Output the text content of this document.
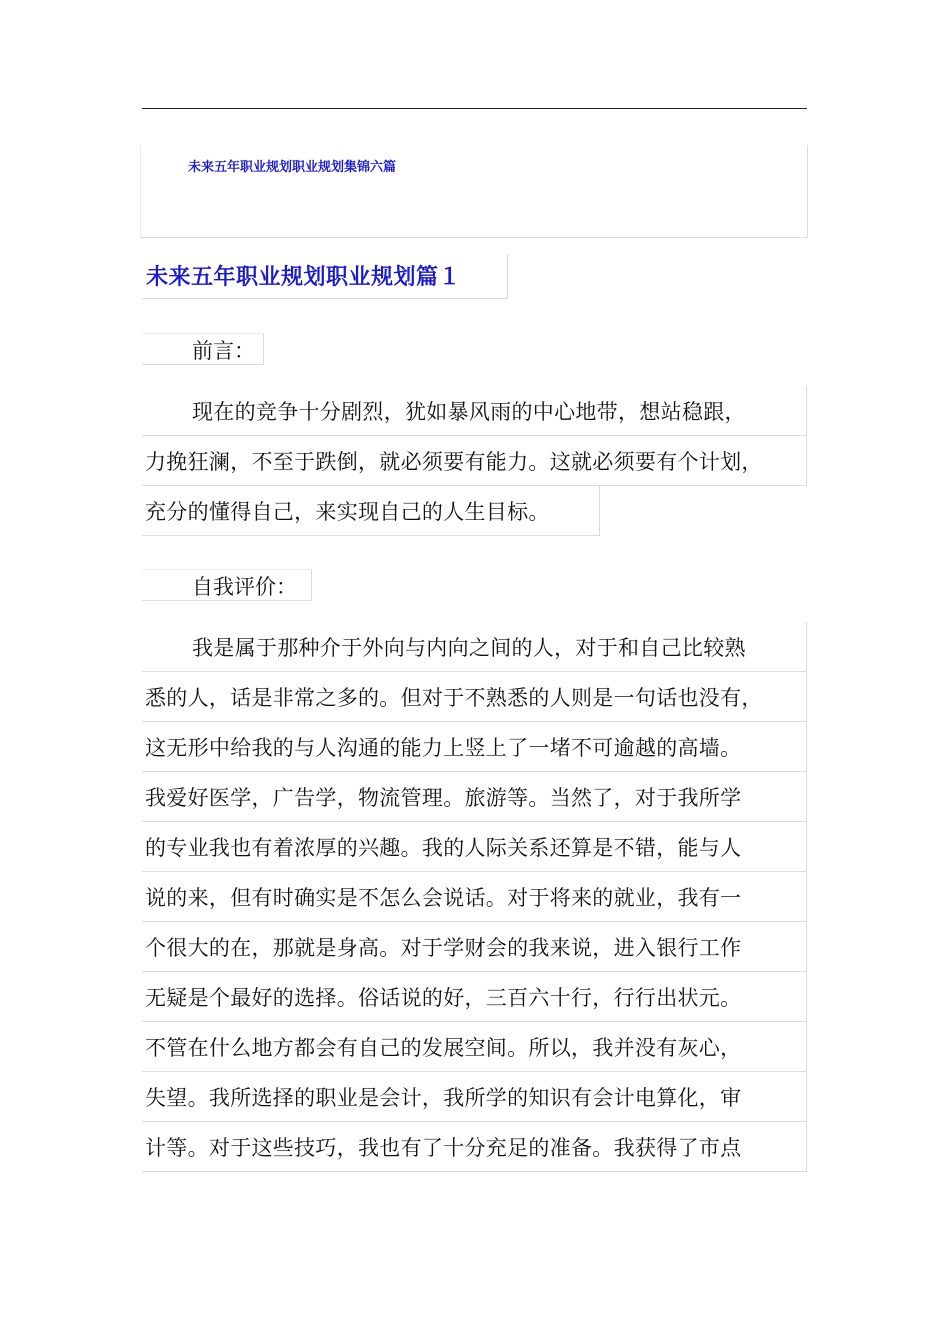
未来五年职业规划职业规划集锦六篇
未来五年职业规划职业规划篇１
前言：
现在的竞争十分剧烈，犹如暴风雨的中心地带，想站稳跟，
力挽狂澜，不至于跌倒，就必须要有能力。这就必须要有个计划，
充分的懂得自己，来实现自己的人生目标。
自我评价：
我是属于那种介于外向与内向之间的人，对于和自己比较熟
悉的人，话是非常之多的。但对于不熟悉的人则是一句话也没有，
这无形中给我的与人沟通的能力上竖上了一堵不可逾越的高墙。
我爱好医学，广告学，物流管理。旅游等。当然了，对于我所学
的专业我也有着浓厚的兴趣。我的人际关系还算是不错，能与人
说的来，但有时确实是不怎么会说话。对于将来的就业，我有一
个很大的在，那就是身高。对于学财会的我来说，进入银行工作
无疑是个最好的选择。俗话说的好，三百六十行，行行出状元。
不管在什么地方都会有自己的发展空间。所以，我并没有灰心，
失望。我所选择的职业是会计，我所学的知识有会计电算化，审
计等。对于这些技巧，我也有了十分充足的准备。我获得了市点
